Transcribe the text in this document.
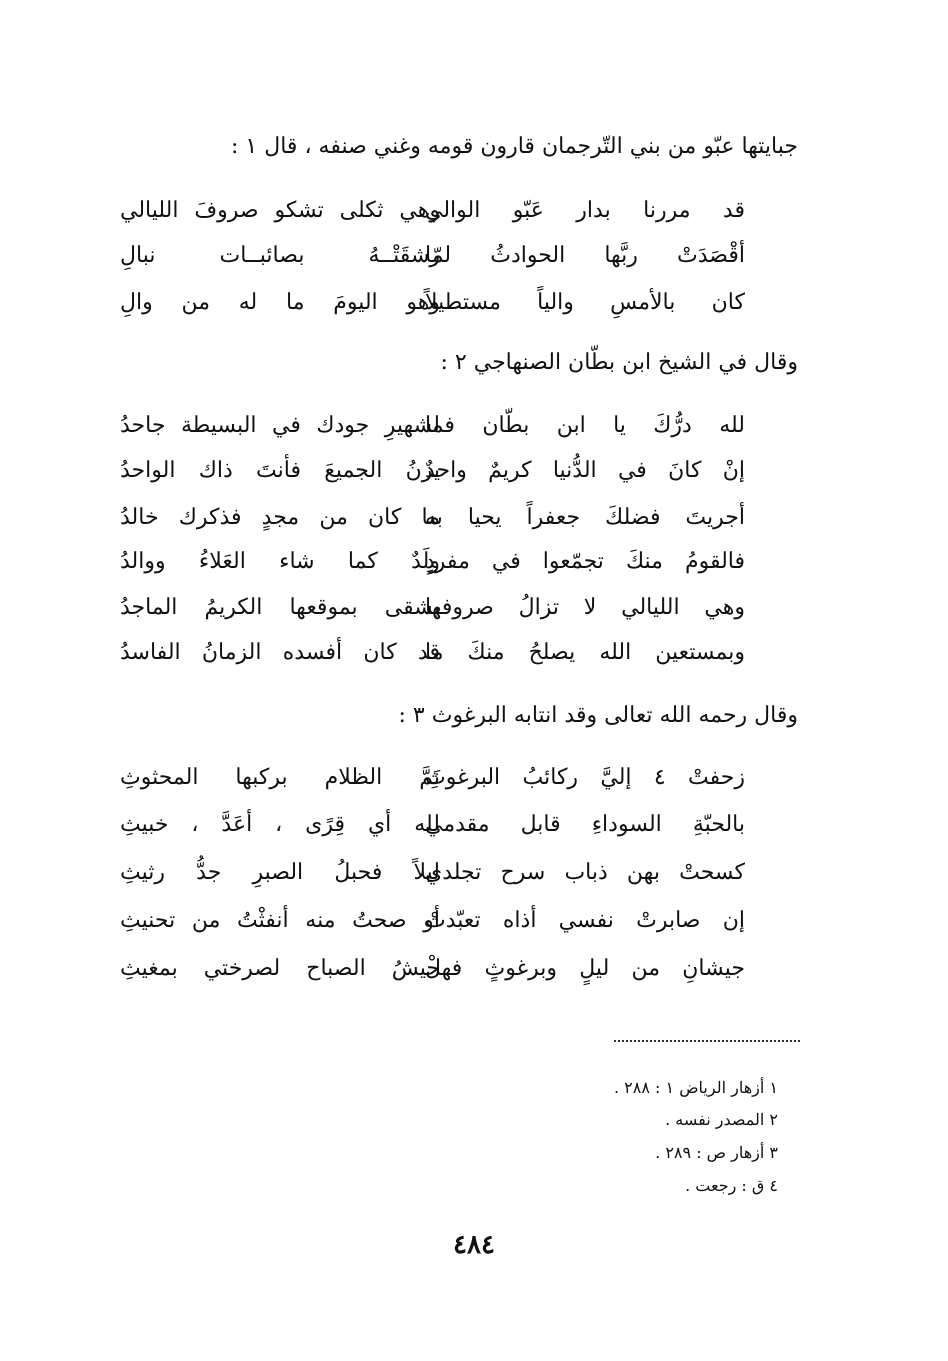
جبايتها عبّو من بني التّرجمان قارون قومه وغني صنفه ، قال ١ :
قد مررنا بدار عَبّو الوالي
وهي ثكلى تشكو صروفَ الليالي
أقْصَدَتْ ربَّها الحوادثُ لمّا
رشقَتْــهُ بصائبــات نبالِ
كان بالأمسِ والياً مستطيلاً
وهو اليومَ ما له من والِ
وقال في الشيخ ابن بطّان الصنهاجي ٢ :
لله درُّكَ يا ابن بطّان فما
لشهيرِ جودك في البسيطة جاحدُ
إنْ كانَ في الدُّنيا كريمٌ واحدٌ
يزنُ الجميعَ فأنتَ ذاك الواحدُ
أجريتَ فضلكَ جعفراً يحيا به
ما كان من مجدٍ فذكرك خالدُ
فالقومُ منكَ تجمّعوا في مفردٍ
ولَدٌ كما شاء العَلاءُ ووالدُ
وهي الليالي لا تزالُ صروفها
يشقى بموقعها الكريمُ الماجدُ
وبمستعين الله يصلحُ منكَ ما
قد كان أفسده الزمانُ الفاسدُ
وقال رحمه الله تعالى وقد انتابه البرغوث ٣ :
زحفتْ ٤ إليَّ ركائبُ البرغوثِ
نَمَّ الظلام بركبها المحثوثِ
بالحبّةِ السوداءِ قابل مقدمي
لله أي قِرًى ، أعَدَّ ، خبيثِ
كسحتْ بهن ذباب سرح تجلدي
ليلاً فحبلُ الصبرِ جدُّ رثيثِ
إن صابرتْ نفسي أذاه تعبّدتْ
أو صحتُ منه أنفثْتُ من تحنيثِ
جيشانِ من ليلٍ وبرغوثٍ فهلْ
جيشُ الصباح لصرختي بمغيثِ
١ أزهار الرياض ١ : ٢٨٨ .
٢ المصدر نفسه .
٣ أزهار ص : ٢٨٩ .
٤ ق : رجعت .
٤٨٤
